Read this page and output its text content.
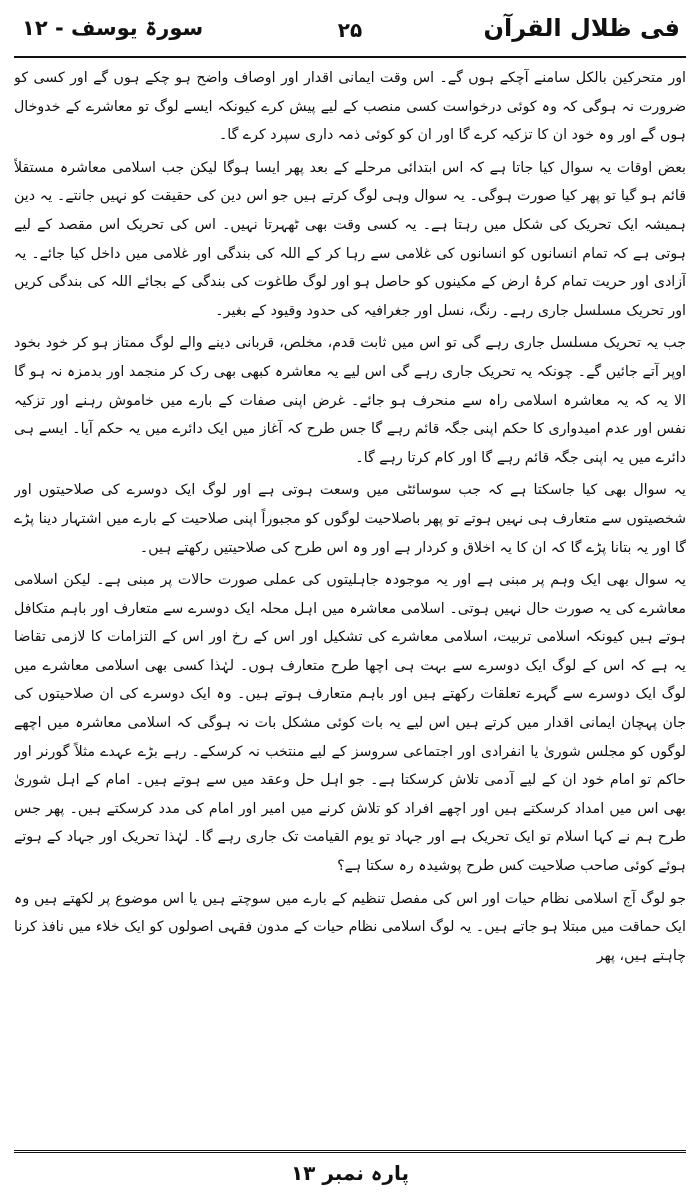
فی ظلال القرآن
۲۵
سورۃ یوسف - ۱۲

اور متحرکین بالکل سامنے آچکے ہوں گے۔ اس وقت ایمانی اقدار اور اوصاف واضح ہو چکے ہوں گے اور کسی کو ضرورت نہ ہوگی کہ وہ کوئی درخواست کسی منصب کے لیے پیش کرے کیونکہ ایسے لوگ تو معاشرے کے خدوخال ہوں گے اور وہ خود ان کا تزکیہ کرے گا اور ان کو کوئی ذمہ داری سپرد کرے گا۔

بعض اوقات یہ سوال کیا جاتا ہے کہ اس ابتدائی مرحلے کے بعد پھر ایسا ہوگا لیکن جب اسلامی معاشرہ مستقلاً قائم ہو گیا تو پھر کیا صورت ہوگی۔ یہ سوال وہی لوگ کرتے ہیں جو اس دین کی حقیقت کو نہیں جانتے۔ یہ دین ہمیشہ ایک تحریک کی شکل میں رہتا ہے۔ یہ کسی وقت بھی ٹھہرتا نہیں۔ اس کی تحریک اس مقصد کے لیے ہوتی ہے کہ تمام انسانوں کو انسانوں کی غلامی سے رہا کر کے اللہ کی بندگی اور غلامی میں داخل کیا جائے۔ یہ آزادی اور حریت تمام کرۂ ارض کے مکینوں کو حاصل ہو اور لوگ طاغوت کی بندگی کے بجائے اللہ کی بندگی کریں اور تحریک مسلسل جاری رہے۔ رنگ، نسل اور جغرافیہ کی حدود وقیود کے بغیر۔

جب یہ تحریک مسلسل جاری رہے گی تو اس میں ثابت قدم، مخلص، قربانی دینے والے لوگ ممتاز ہو کر خود بخود اوپر آتے جائیں گے۔ چونکہ یہ تحریک جاری رہے گی اس لیے یہ معاشرہ کبھی بھی رک کر منجمد اور بدمزہ نہ ہو گا الا یہ کہ یہ معاشرہ اسلامی راہ سے منحرف ہو جائے۔ غرض اپنی صفات کے بارے میں خاموش رہنے اور تزکیہ نفس اور عدم امیدواری کا حکم اپنی جگہ قائم رہے گا جس طرح کہ آغاز میں ایک دائرے میں یہ حکم آیا۔ ایسے ہی دائرے میں یہ اپنی جگہ قائم رہے گا اور کام کرتا رہے گا۔

یہ سوال بھی کیا جاسکتا ہے کہ جب سوسائٹی میں وسعت ہوتی ہے اور لوگ ایک دوسرے کی صلاحیتوں اور شخصیتوں سے متعارف ہی نہیں ہوتے تو پھر باصلاحیت لوگوں کو مجبوراً اپنی صلاحیت کے بارے میں اشتہار دینا پڑے گا اور یہ بتانا پڑے گا کہ ان کا یہ اخلاق و کردار ہے اور وہ اس طرح کی صلاحیتیں رکھتے ہیں۔

یہ سوال بھی ایک وہم پر مبنی ہے اور یہ موجودہ جاہلیتوں کی عملی صورت حالات پر مبنی ہے۔ لیکن اسلامی معاشرے کی یہ صورت حال نہیں ہوتی۔ اسلامی معاشرہ میں اہل محلہ ایک دوسرے سے متعارف اور باہم متکافل ہوتے ہیں کیونکہ اسلامی تربیت، اسلامی معاشرے کی تشکیل اور اس کے رخ اور اس کے التزامات کا لازمی تقاضا یہ ہے کہ اس کے لوگ ایک دوسرے سے بہت ہی اچھا طرح متعارف ہوں۔ لہٰذا کسی بھی اسلامی معاشرے میں لوگ ایک دوسرے سے گہرے تعلقات رکھتے ہیں اور باہم متعارف ہوتے ہیں۔ وہ ایک دوسرے کی ان صلاحیتوں کی جان پہچان ایمانی اقدار میں کرتے ہیں اس لیے یہ بات کوئی مشکل بات نہ ہوگی کہ اسلامی معاشرہ میں اچھے لوگوں کو مجلس شوریٰ یا انفرادی اور اجتماعی سروسز کے لیے منتخب نہ کرسکے۔ رہے بڑے عہدے مثلاً گورنر اور حاکم تو امام خود ان کے لیے آدمی تلاش کرسکتا ہے۔ جو اہل حل وعقد میں سے ہوتے ہیں۔ امام کے اہل شوریٰ بھی اس میں امداد کرسکتے ہیں اور اچھے افراد کو تلاش کرنے میں امیر اور امام کی مدد کرسکتے ہیں۔ پھر جس طرح ہم نے کہا اسلام تو ایک تحریک ہے اور جہاد تو یوم القیامت تک جاری رہے گا۔ لہٰذا تحریک اور جہاد کے ہوتے ہوئے کوئی صاحب صلاحیت کس طرح پوشیدہ رہ سکتا ہے؟

جو لوگ آج اسلامی نظام حیات اور اس کی مفصل تنظیم کے بارے میں سوچتے ہیں یا اس موضوع پر لکھتے ہیں وہ ایک حماقت میں مبتلا ہو جاتے ہیں۔ یہ لوگ اسلامی نظام حیات کے مدون فقہی اصولوں کو ایک خلاء میں نافذ کرنا چاہتے ہیں، پھر

پارہ نمبر ۱۳
